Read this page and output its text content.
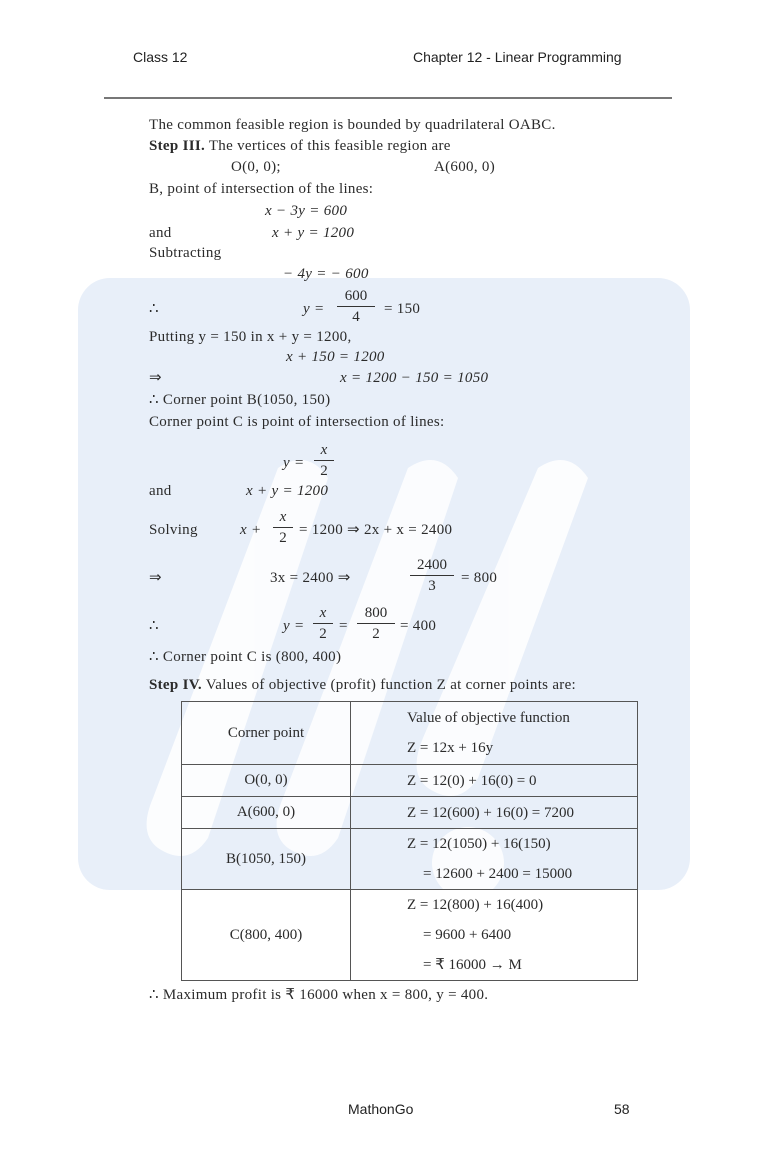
Class 12	Chapter 12 - Linear Programming
The common feasible region is bounded by quadrilateral OABC.
Step III. The vertices of this feasible region are
O(0, 0);	A(600, 0)
B, point of intersection of the lines:
x − 3y = 600
and	x + y = 1200
Subtracting
− 4y = − 600
∴	$y = \frac{600}{4} = 150$
Putting y = 150 in x + y = 1200,
x + 150 = 1200
⇒	x = 1200 − 150 = 1050
∴ Corner point B(1050, 150)
Corner point C is point of intersection of lines:
$y = \frac{x}{2}$
and	x + y = 1200
Solving	$x + \frac{x}{2} = 1200$ ⇒ 2x + x = 2400
⇒	3x = 2400 ⇒	$\frac{2400}{3} = 800$
∴	$y = \frac{x}{2} = \frac{800}{2} = 400$
∴ Corner point C is (800, 400)
Step IV. Values of objective (profit) function Z at corner points are:
Corner point	Value of objective function
Z = 12x + 16y

O(0, 0)	Z = 12(0) + 16(0) = 0

A(600, 0)	Z = 12(600) + 16(0) = 7200

B(1050, 150)	Z = 12(1050) + 16(150)
= 12600 + 2400 = 15000

C(800, 400)	Z = 12(800) + 16(400)
= 9600 + 6400
= ₹ 16000 → M
∴ Maximum profit is ₹ 16000 when x = 800, y = 400.
MathonGo	58
